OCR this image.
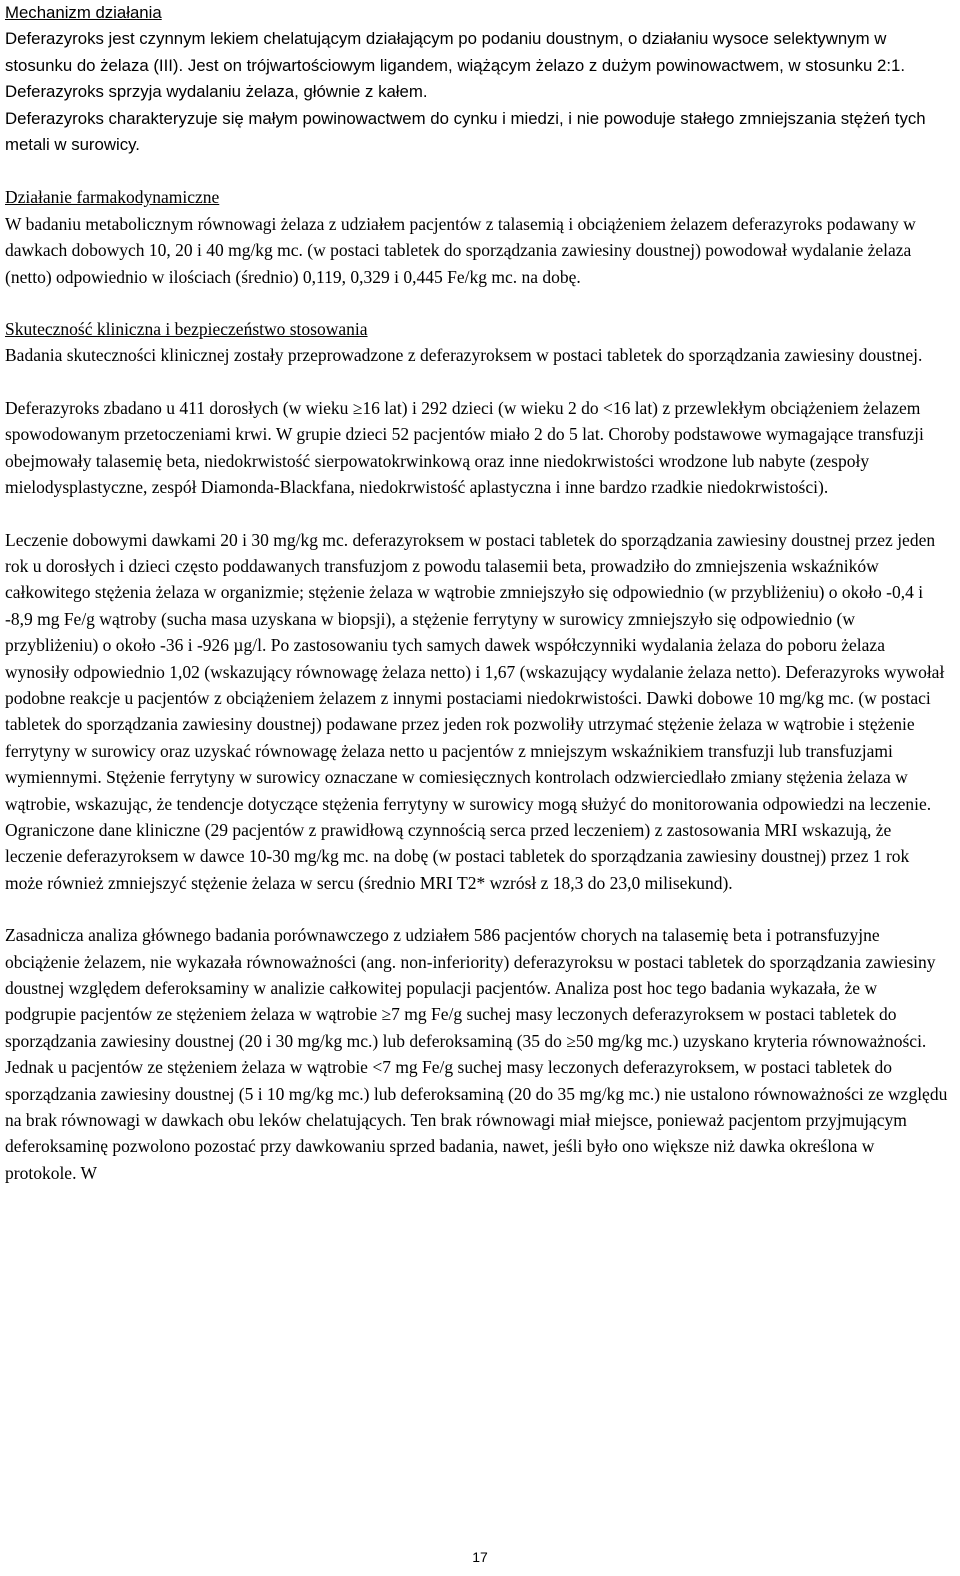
Mechanizm działania

Deferazyroks jest czynnym lekiem chelatującym działającym po podaniu doustnym, o działaniu wysoce selektywnym w stosunku do żelaza (III). Jest on trójwartościowym ligandem, wiążącym żelazo z dużym powinowactwem, w stosunku 2:1. Deferazyroks sprzyja wydalaniu żelaza, głównie z kałem.

Deferazyroks charakteryzuje się małym powinowactwem do cynku i miedzi, i nie powoduje stałego zmniejszania stężeń tych metali w surowicy.

Działanie farmakodynamiczne

W badaniu metabolicznym równowagi żelaza z udziałem pacjentów z talasemią i obciążeniem żelazem deferazyroks podawany w dawkach dobowych 10, 20 i 40 mg/kg mc. (w postaci tabletek do sporządzania zawiesiny doustnej) powodował wydalanie żelaza (netto) odpowiednio w ilościach (średnio) 0,119, 0,329 i 0,445 Fe/kg mc. na dobę.

Skuteczność kliniczna i bezpieczeństwo stosowania

Badania skuteczności klinicznej zostały przeprowadzone z deferazyroksem w postaci tabletek do sporządzania zawiesiny doustnej.

Deferazyroks zbadano u 411 dorosłych (w wieku ≥16 lat) i 292 dzieci (w wieku 2 do <16 lat) z przewlekłym obciążeniem żelazem spowodowanym przetoczeniami krwi. W grupie dzieci 52 pacjentów miało 2 do 5 lat. Choroby podstawowe wymagające transfuzji obejmowały talasemię beta, niedokrwistość sierpowatokrwinkową oraz inne niedokrwistości wrodzone lub nabyte (zespoły mielodysplastyczne, zespół Diamonda-Blackfana, niedokrwistość aplastyczna i inne bardzo rzadkie niedokrwistości).

Leczenie dobowymi dawkami 20 i 30 mg/kg mc. deferazyroksem w postaci tabletek do sporządzania zawiesiny doustnej przez jeden rok u dorosłych i dzieci często poddawanych transfuzjom z powodu talasemii beta, prowadziło do zmniejszenia wskaźników całkowitego stężenia żelaza w organizmie; stężenie żelaza w wątrobie zmniejszyło się odpowiednio (w przybliżeniu) o około -0,4 i -8,9 mg Fe/g wątroby (sucha masa uzyskana w biopsji), a stężenie ferrytyny w surowicy zmniejszyło się odpowiednio (w przybliżeniu) o około -36 i -926 µg/l. Po zastosowaniu tych samych dawek współczynniki wydalania żelaza do poboru żelaza wynosiły odpowiednio 1,02 (wskazujący równowagę żelaza netto) i 1,67 (wskazujący wydalanie żelaza netto). Deferazyroks wywołał podobne reakcje u pacjentów z obciążeniem żelazem z innymi postaciami niedokrwistości. Dawki dobowe 10 mg/kg mc. (w postaci tabletek do sporządzania zawiesiny doustnej) podawane przez jeden rok pozwoliły utrzymać stężenie żelaza w wątrobie i stężenie ferrytyny w surowicy oraz uzyskać równowagę żelaza netto u pacjentów z mniejszym wskaźnikiem transfuzji lub transfuzjami wymiennymi. Stężenie ferrytyny w surowicy oznaczane w comiesięcznych kontrolach odzwierciedlało zmiany stężenia żelaza w wątrobie, wskazując, że tendencje dotyczące stężenia ferrytyny w surowicy mogą służyć do monitorowania odpowiedzi na leczenie. Ograniczone dane kliniczne (29 pacjentów z prawidłową czynnością serca przed leczeniem) z zastosowania MRI wskazują, że leczenie deferazyroksem w dawce 10-30 mg/kg mc. na dobę (w postaci tabletek do sporządzania zawiesiny doustnej) przez 1 rok może również zmniejszyć stężenie żelaza w sercu (średnio MRI T2* wzrósł z 18,3 do 23,0 milisekund).

Zasadnicza analiza głównego badania porównawczego z udziałem 586 pacjentów chorych na talasemię beta i potransfuzyjne obciążenie żelazem, nie wykazała równoważności (ang. non-inferiority) deferazyroksu w postaci tabletek do sporządzania zawiesiny doustnej względem deferoksaminy w analizie całkowitej populacji pacjentów. Analiza post hoc tego badania wykazała, że w podgrupie pacjentów ze stężeniem żelaza w wątrobie ≥7 mg Fe/g suchej masy leczonych deferazyroksem w postaci tabletek do sporządzania zawiesiny doustnej (20 i 30 mg/kg mc.) lub deferoksaminą (35 do ≥50 mg/kg mc.) uzyskano kryteria równoważności. Jednak u pacjentów ze stężeniem żelaza w wątrobie <7 mg Fe/g suchej masy leczonych deferazyroksem, w postaci tabletek do sporządzania zawiesiny doustnej (5 i 10 mg/kg mc.) lub deferoksaminą (20 do 35 mg/kg mc.) nie ustalono równoważności ze względu na brak równowagi w dawkach obu leków chelatujących. Ten brak równowagi miał miejsce, ponieważ pacjentom przyjmującym deferoksaminę pozwolono pozostać przy dawkowaniu sprzed badania, nawet, jeśli było ono większe niż dawka określona w protokole. W

17
